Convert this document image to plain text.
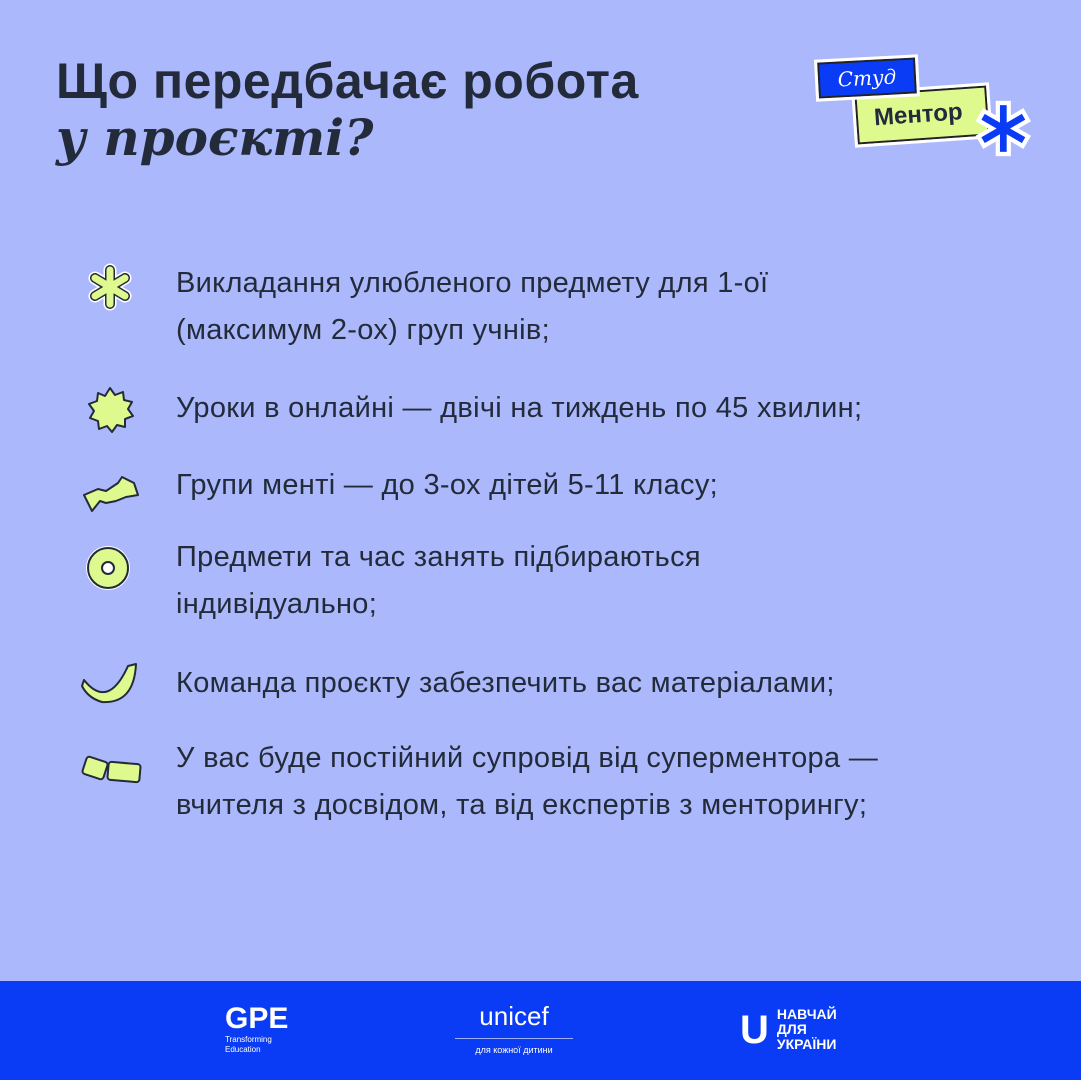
Що передбачає робота
у проєкті?
Студ
Ментор ✱
Викладання улюбленого предмету для 1-ої
(максимум 2-ох) груп учнів;
Уроки в онлайні — двічі на тиждень по 45 хвилин;
Групи менті — до 3-ох дітей 5-11 класу;
Предмети та час занять підбираються
індивідуально;
Команда проєкту забезпечить вас матеріалами;
У вас буде постійний супровід від суперментора —
вчителя з досвідом, та від експертів з менторингу;
GPE
Transforming
Education
unicef
для кожної дитини	U НАВЧАЙ
ДЛЯ
УКРАЇНИ
